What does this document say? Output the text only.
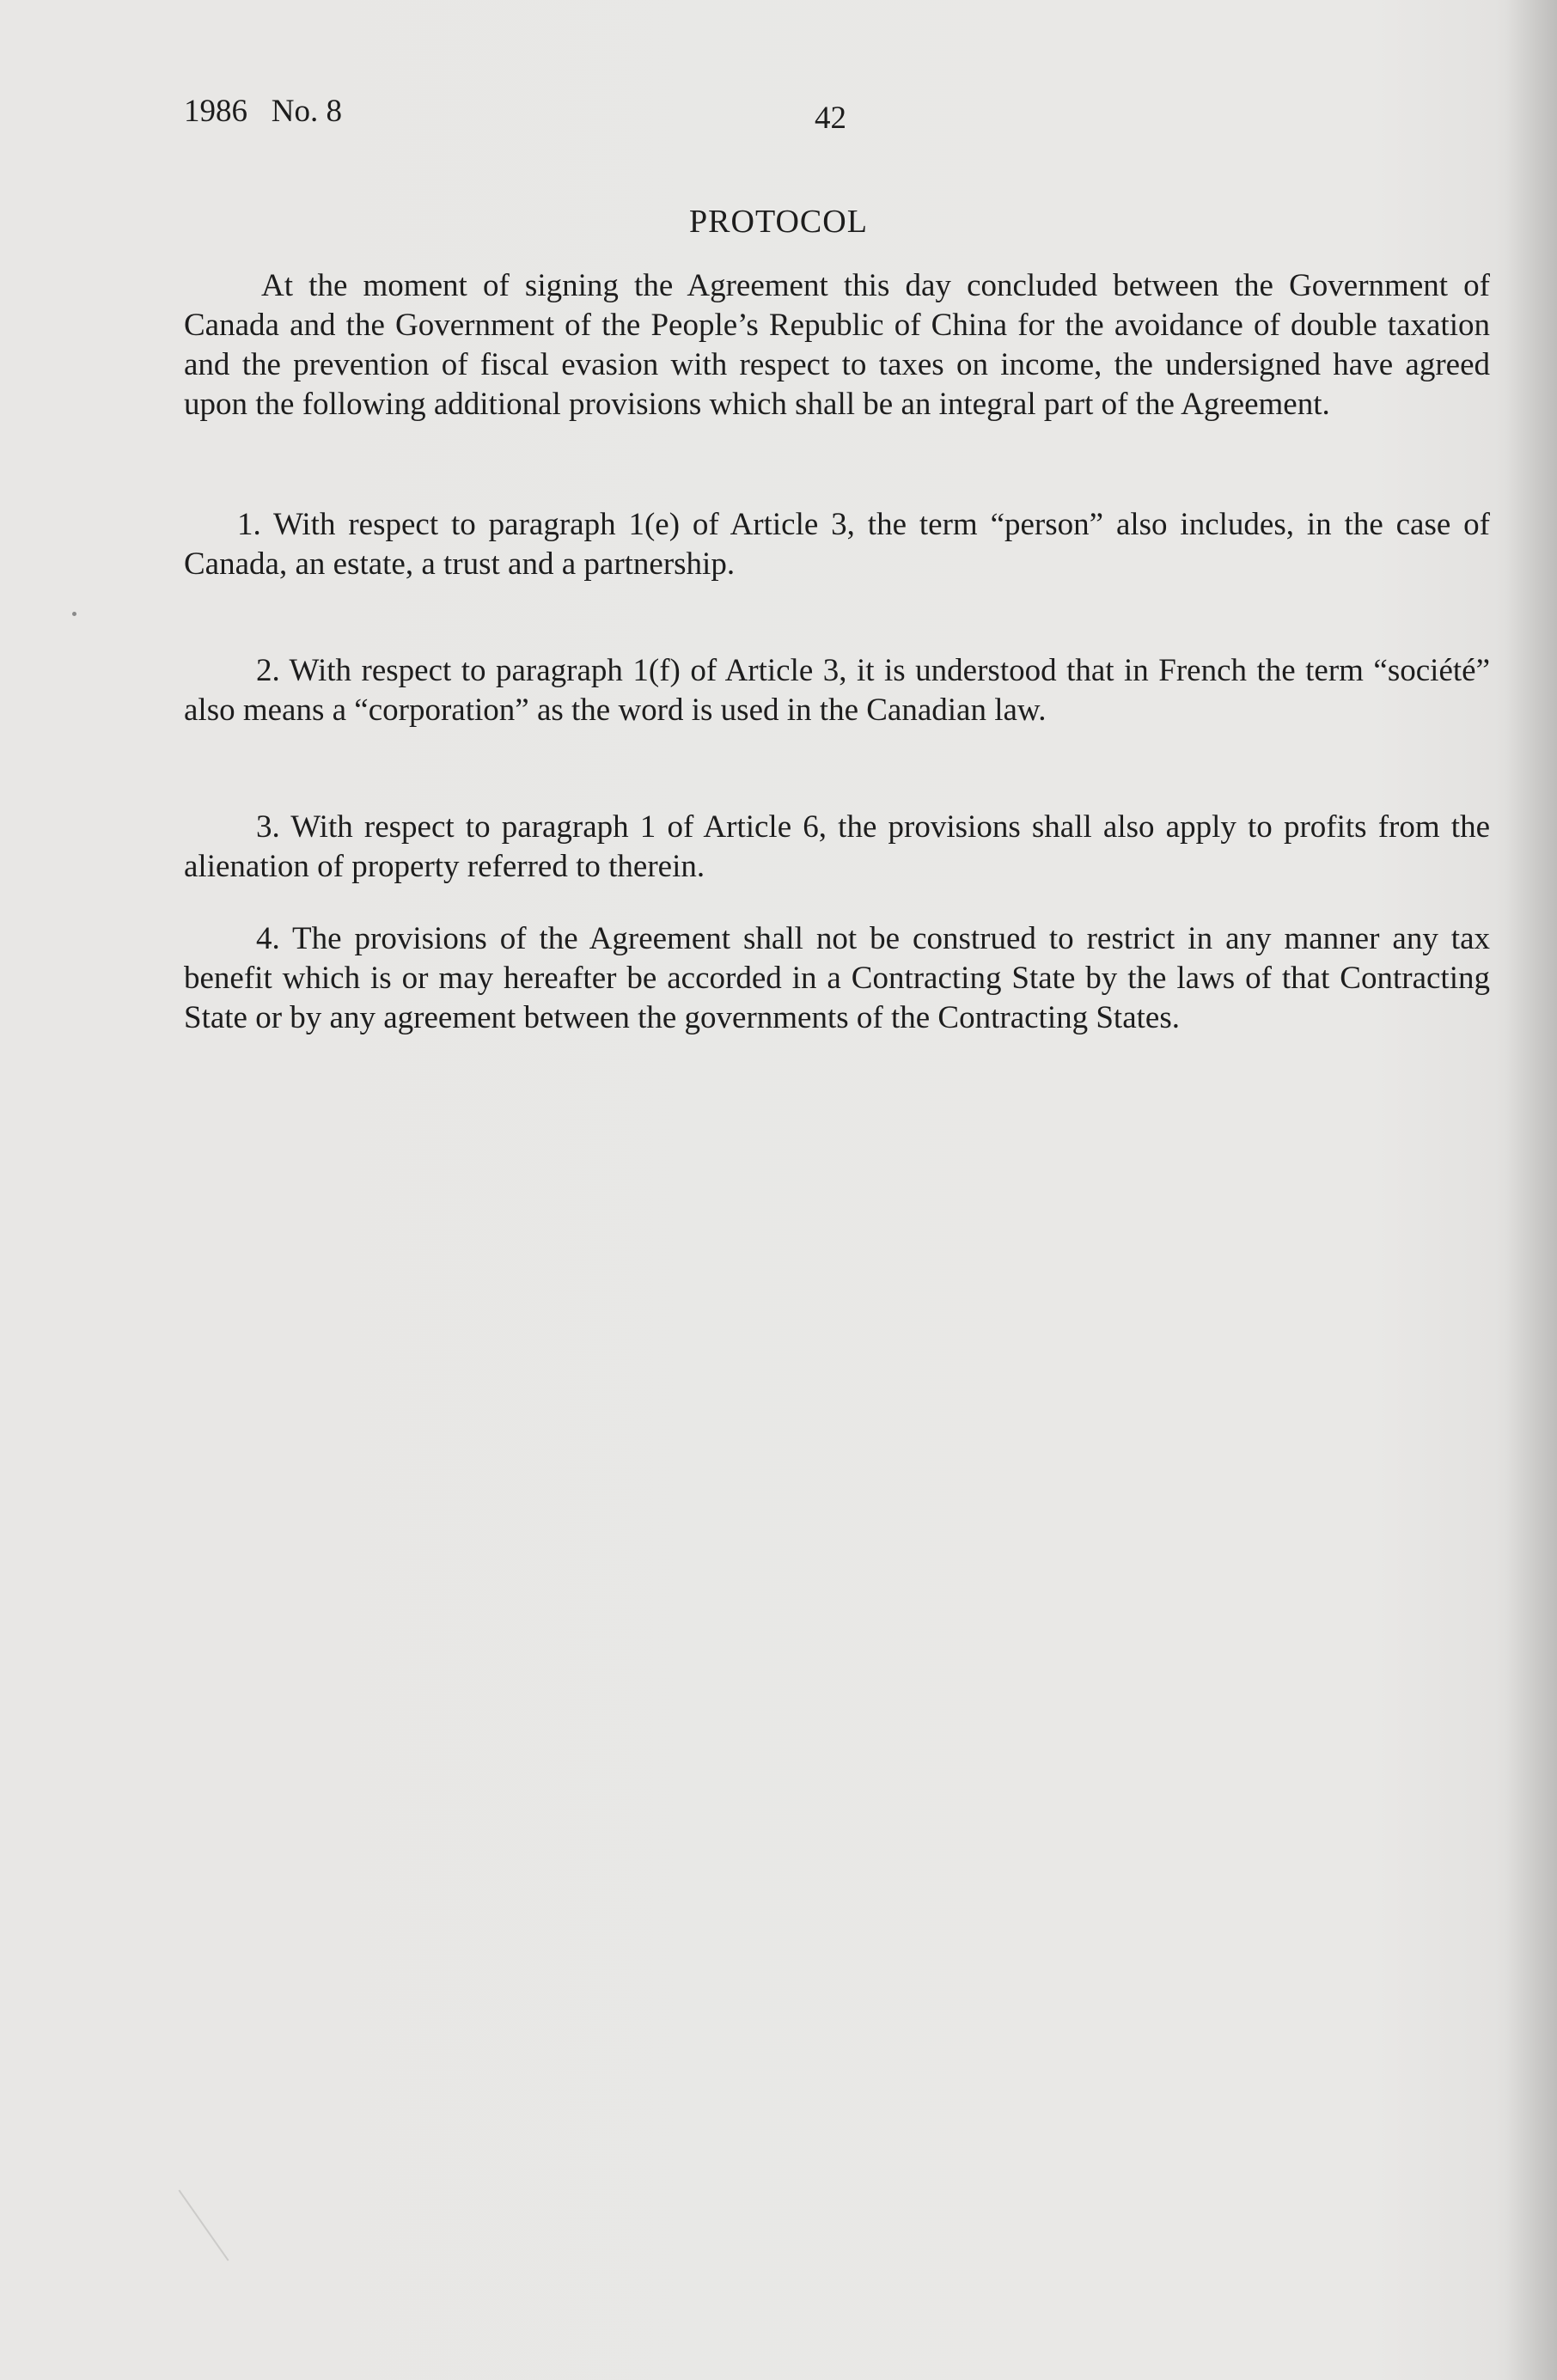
1986   No. 8	42
PROTOCOL
At the moment of signing the Agreement this day concluded between the Government of Canada and the Government of the People’s Republic of China for the avoidance of double taxation and the prevention of fiscal evasion with respect to taxes on income, the undersigned have agreed upon the following additional provisions which shall be an integral part of the Agreement.
1. With respect to paragraph 1(e) of Article 3, the term “person” also includes, in the case of Canada, an estate, a trust and a partnership.
2. With respect to paragraph 1(f) of Article 3, it is understood that in French the term “société” also means a “corporation” as the word is used in the Canadian law.
3. With respect to paragraph 1 of Article 6, the provisions shall also apply to profits from the alienation of property referred to therein.
4. The provisions of the Agreement shall not be construed to restrict in any manner any tax benefit which is or may hereafter be accorded in a Contracting State by the laws of that Contracting State or by any agreement between the governments of the Contracting States.
